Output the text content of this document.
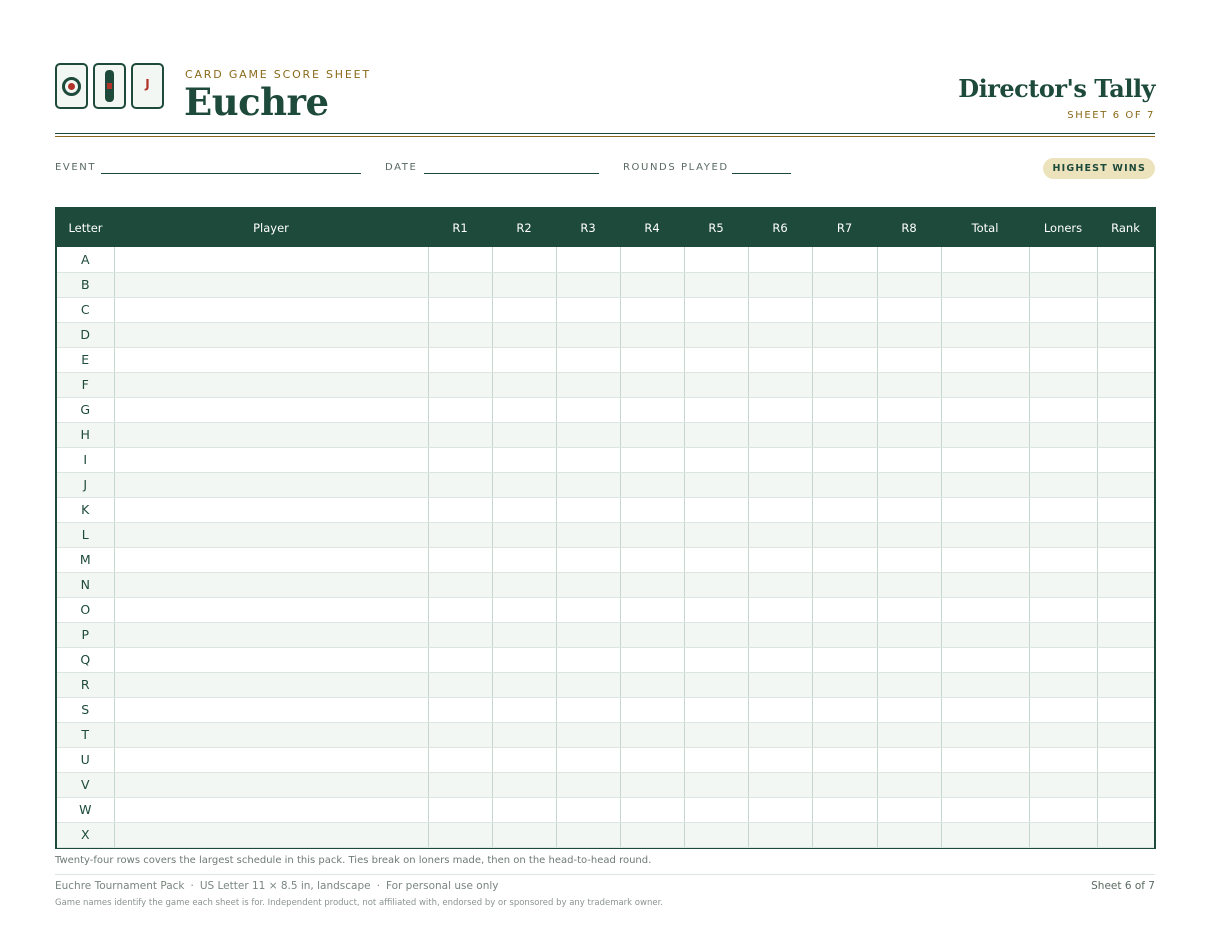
J
CARD GAME SCORE SHEET
Euchre	Director's Tally
SHEET 6 OF 7
EVENT	DATE	ROUNDS PLAYED	HIGHEST WINS
Letter	Player	R1	R2	R3	R4	R5	R6	R7	R8	Total	Loners	Rank
A												
B												
C												
D												
E												
F												
G												
H												
I												
J												
K												
L												
M												
N												
O												
P												
Q												
R												
S												
T												
U												
V												
W												
X												
Twenty-four rows covers the largest schedule in this pack. Ties break on loners made, then on the head-to-head round.
Euchre Tournament Pack · US Letter 11 × 8.5 in, landscape · For personal use only	Sheet 6 of 7
Game names identify the game each sheet is for. Independent product, not affiliated with, endorsed by or sponsored by any trademark owner.
